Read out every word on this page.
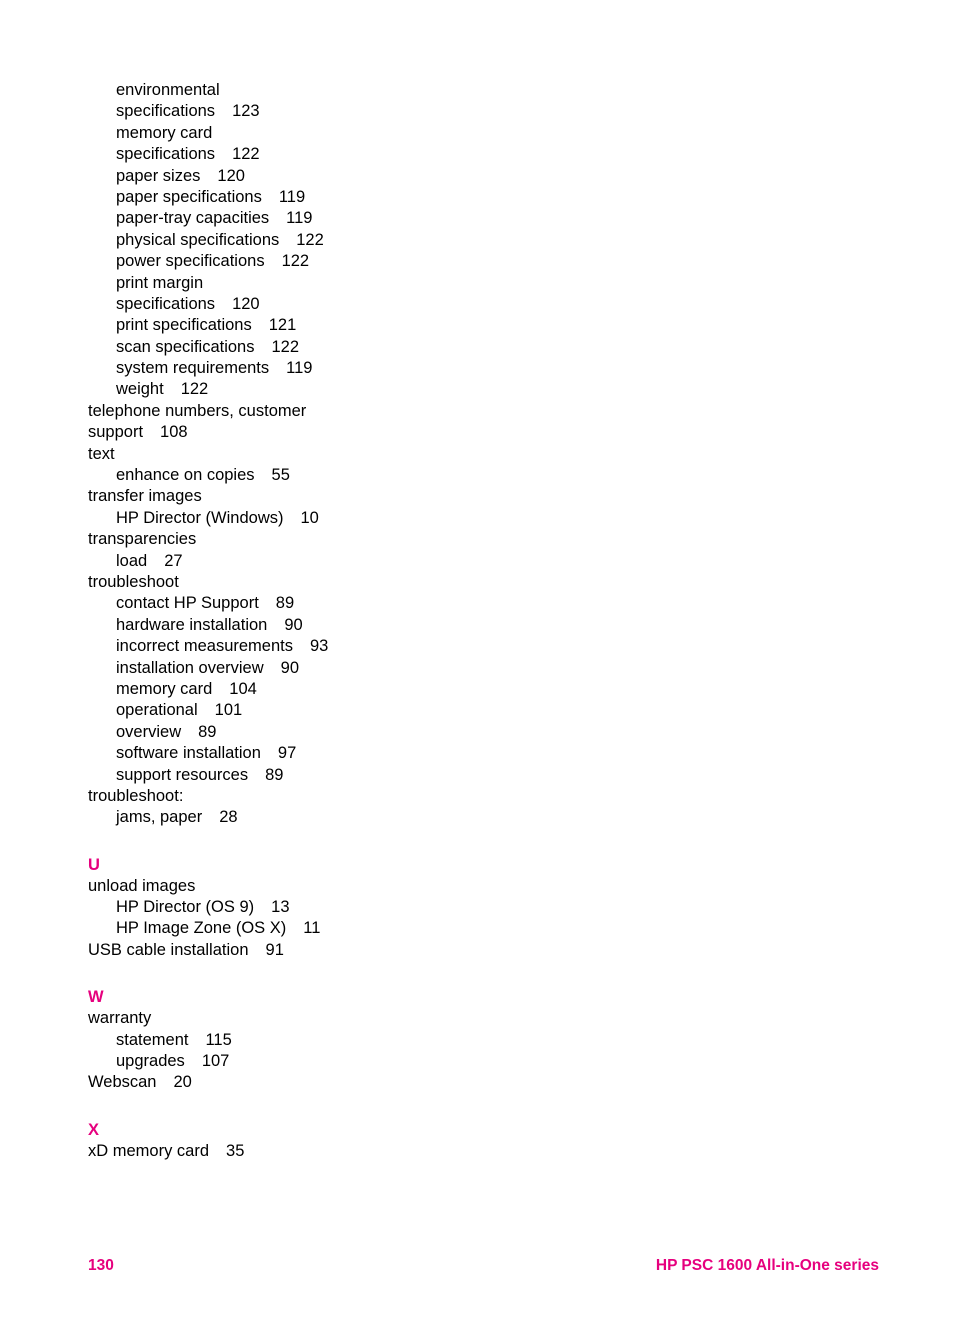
environmental
specifications 123
memory card
specifications 122
paper sizes 120
paper specifications 119
paper-tray capacities 119
physical specifications 122
power specifications 122
print margin
specifications 120
print specifications 121
scan specifications 122
system requirements 119
weight 122
telephone numbers, customer
support 108
text
enhance on copies 55
transfer images
HP Director (Windows) 10
transparencies
load 27
troubleshoot
contact HP Support 89
hardware installation 90
incorrect measurements 93
installation overview 90
memory card 104
operational 101
overview 89
software installation 97
support resources 89
troubleshoot:
jams, paper 28
U
unload images
HP Director (OS 9) 13
HP Image Zone (OS X) 11
USB cable installation 91
W
warranty
statement 115
upgrades 107
Webscan 20
X
xD memory card 35
130	HP PSC 1600 All-in-One series
